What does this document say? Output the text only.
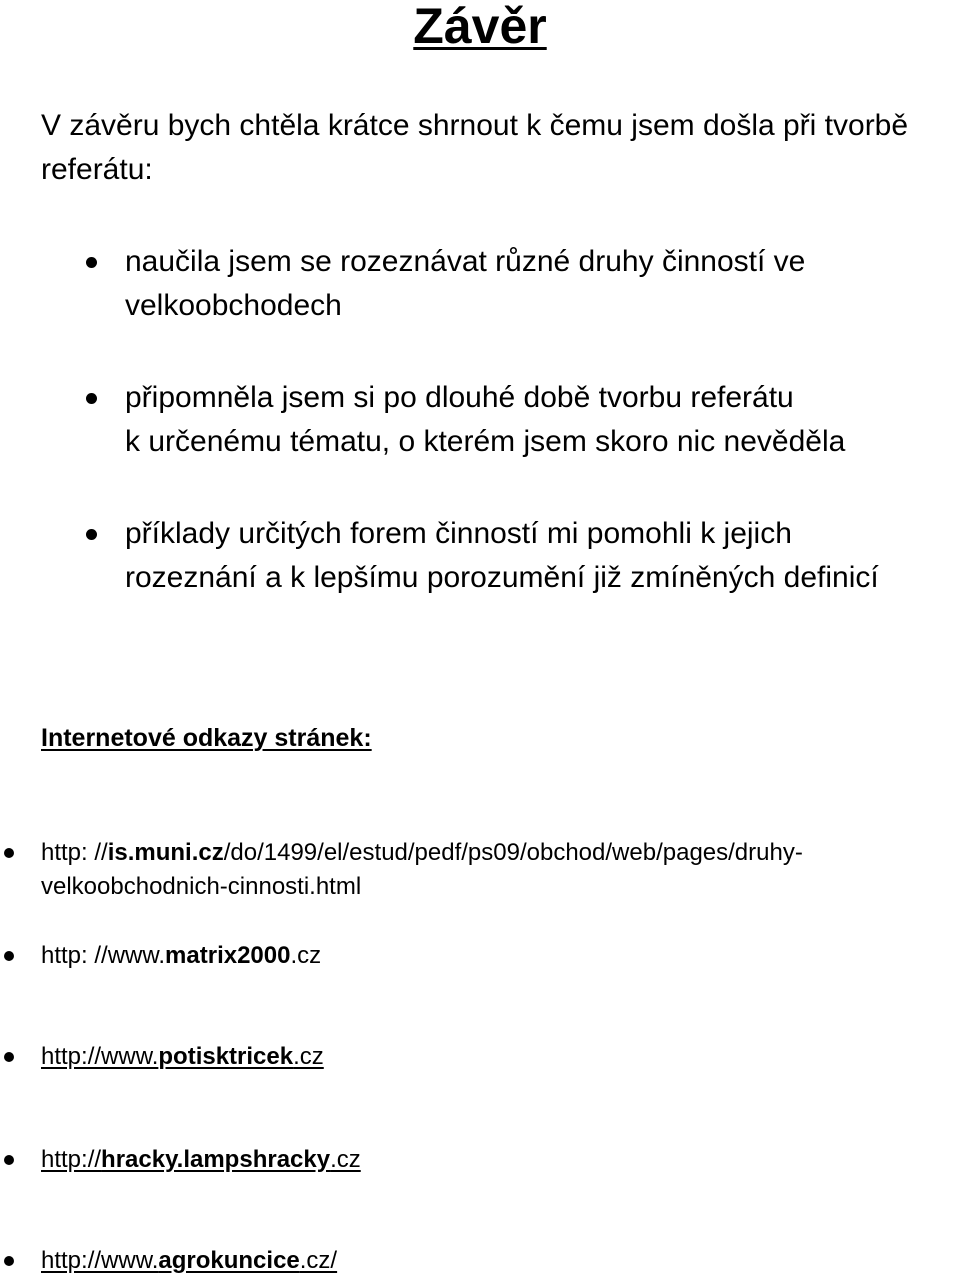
Závěr

V závěru bych chtěla krátce shrnout k čemu jsem došla při tvorbě referátu:

naučila jsem se rozeznávat různé druhy činností ve
velkoobchodech
připomněla jsem si po dlouhé době tvorbu referátu
k určenému tématu, o kterém jsem skoro nic nevěděla
příklady určitých forem činností mi pomohli k jejich
rozeznání a k lepšímu porozumění již zmíněných definicí
Internetové odkazy stránek:
http: //is.muni.cz/do/1499/el/estud/pedf/ps09/obchod/web/pages/druhy-
velkoobchodnich-cinnosti.html
http: //www.matrix2000.cz
http://www.potisktricek.cz
http://hracky.lampshracky.cz
http://www.agrokuncice.cz/
